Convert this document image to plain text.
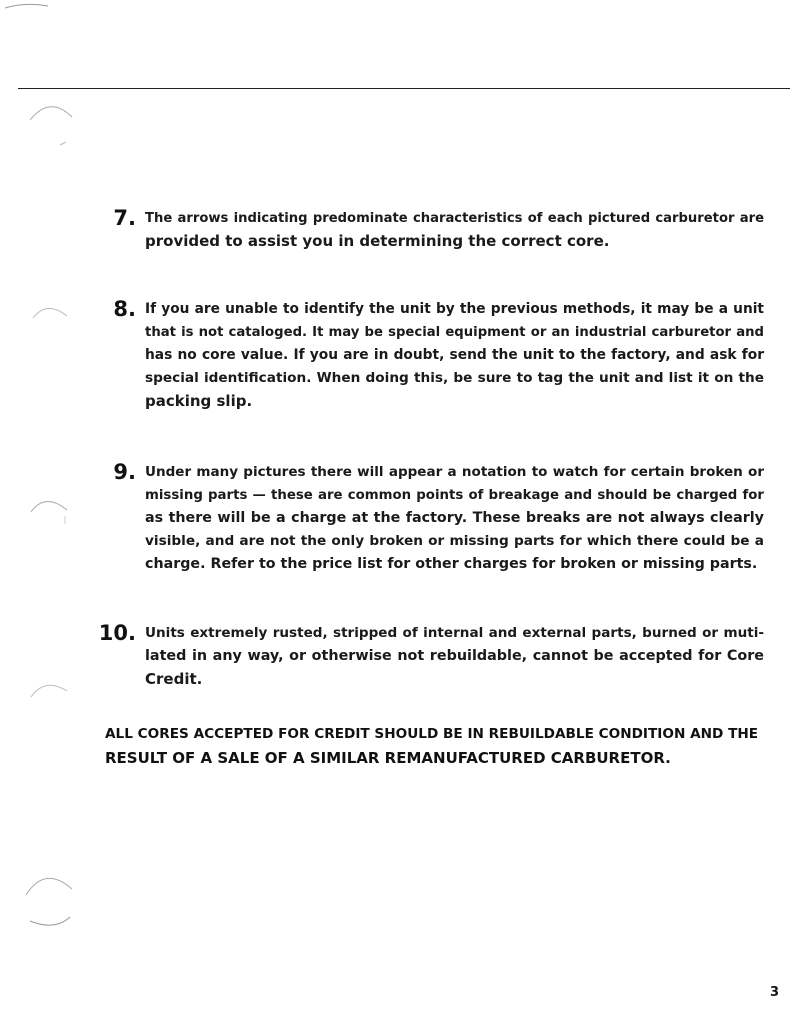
7. The arrows indicating predominate characteristics of each pictured carburetor are
provided to assist you in determining the correct core.
8. If you are unable to identify the unit by the previous methods, it may be a unit
that is not cataloged. It may be special equipment or an industrial carburetor and
has no core value. If you are in doubt, send the unit to the factory, and ask for
special identification. When doing this, be sure to tag the unit and list it on the
packing slip.
9. Under many pictures there will appear a notation to watch for certain broken or
missing parts — these are common points of breakage and should be charged for
as there will be a charge at the factory. These breaks are not always clearly
visible, and are not the only broken or missing parts for which there could be a
charge. Refer to the price list for other charges for broken or missing parts.
10. Units extremely rusted, stripped of internal and external parts, burned or muti-
lated in any way, or otherwise not rebuildable, cannot be accepted for Core
Credit.
ALL CORES ACCEPTED FOR CREDIT SHOULD BE IN REBUILDABLE CONDITION AND THE
RESULT OF A SALE OF A SIMILAR REMANUFACTURED CARBURETOR.
3
